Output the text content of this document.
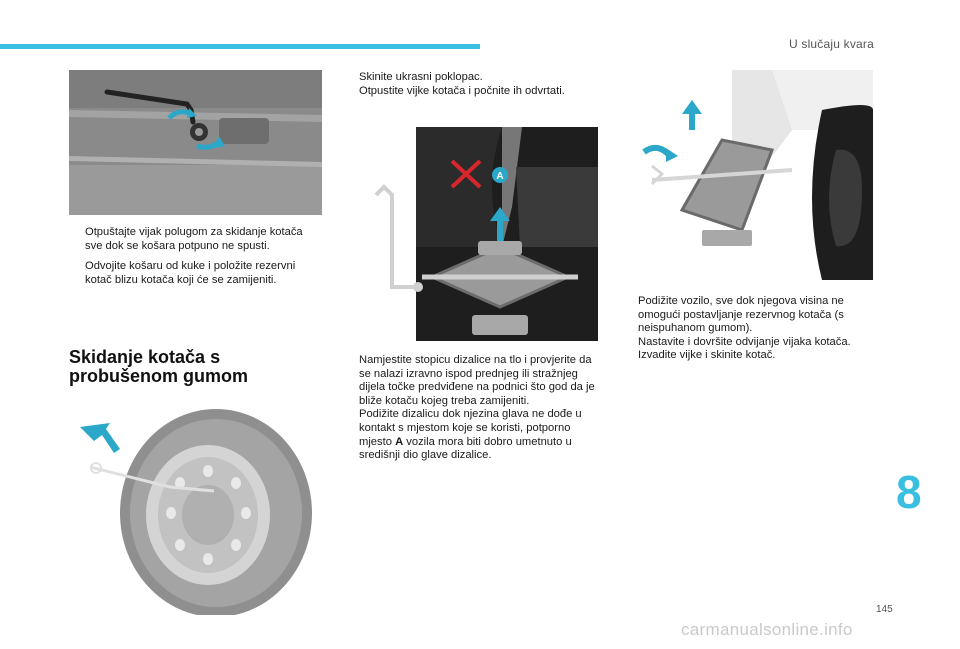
U slučaju kvara
Otpuštajte vijak polugom za skidanje kotača sve dok se košara potpuno ne spusti.
Odvojite košaru od kuke i položite rezervni kotač blizu kotača koji će se zamijeniti.
Skidanje kotača s
probušenom gumom
Skinite ukrasni poklopac.
Otpustite vijke kotača i počnite ih odvrtati.
A
Namjestite stopicu dizalice na tlo i provjerite da se nalazi izravno ispod prednjeg ili stražnjeg dijela točke predviđene na podnici što god da je bliže kotaču kojeg treba zamijeniti.
Podižite dizalicu dok njezina glava ne dođe u kontakt s mjestom koje se koristi, potporno mjesto A vozila mora biti dobro umetnuto u središnji dio glave dizalice.
Podižite vozilo, sve dok njegova visina ne omogući postavljanje rezervnog kotača (s neispuhanom gumom).
Nastavite i dovršite odvijanje vijaka kotača.
Izvadite vijke i skinite kotač.
8
145
carmanualsonline.info
